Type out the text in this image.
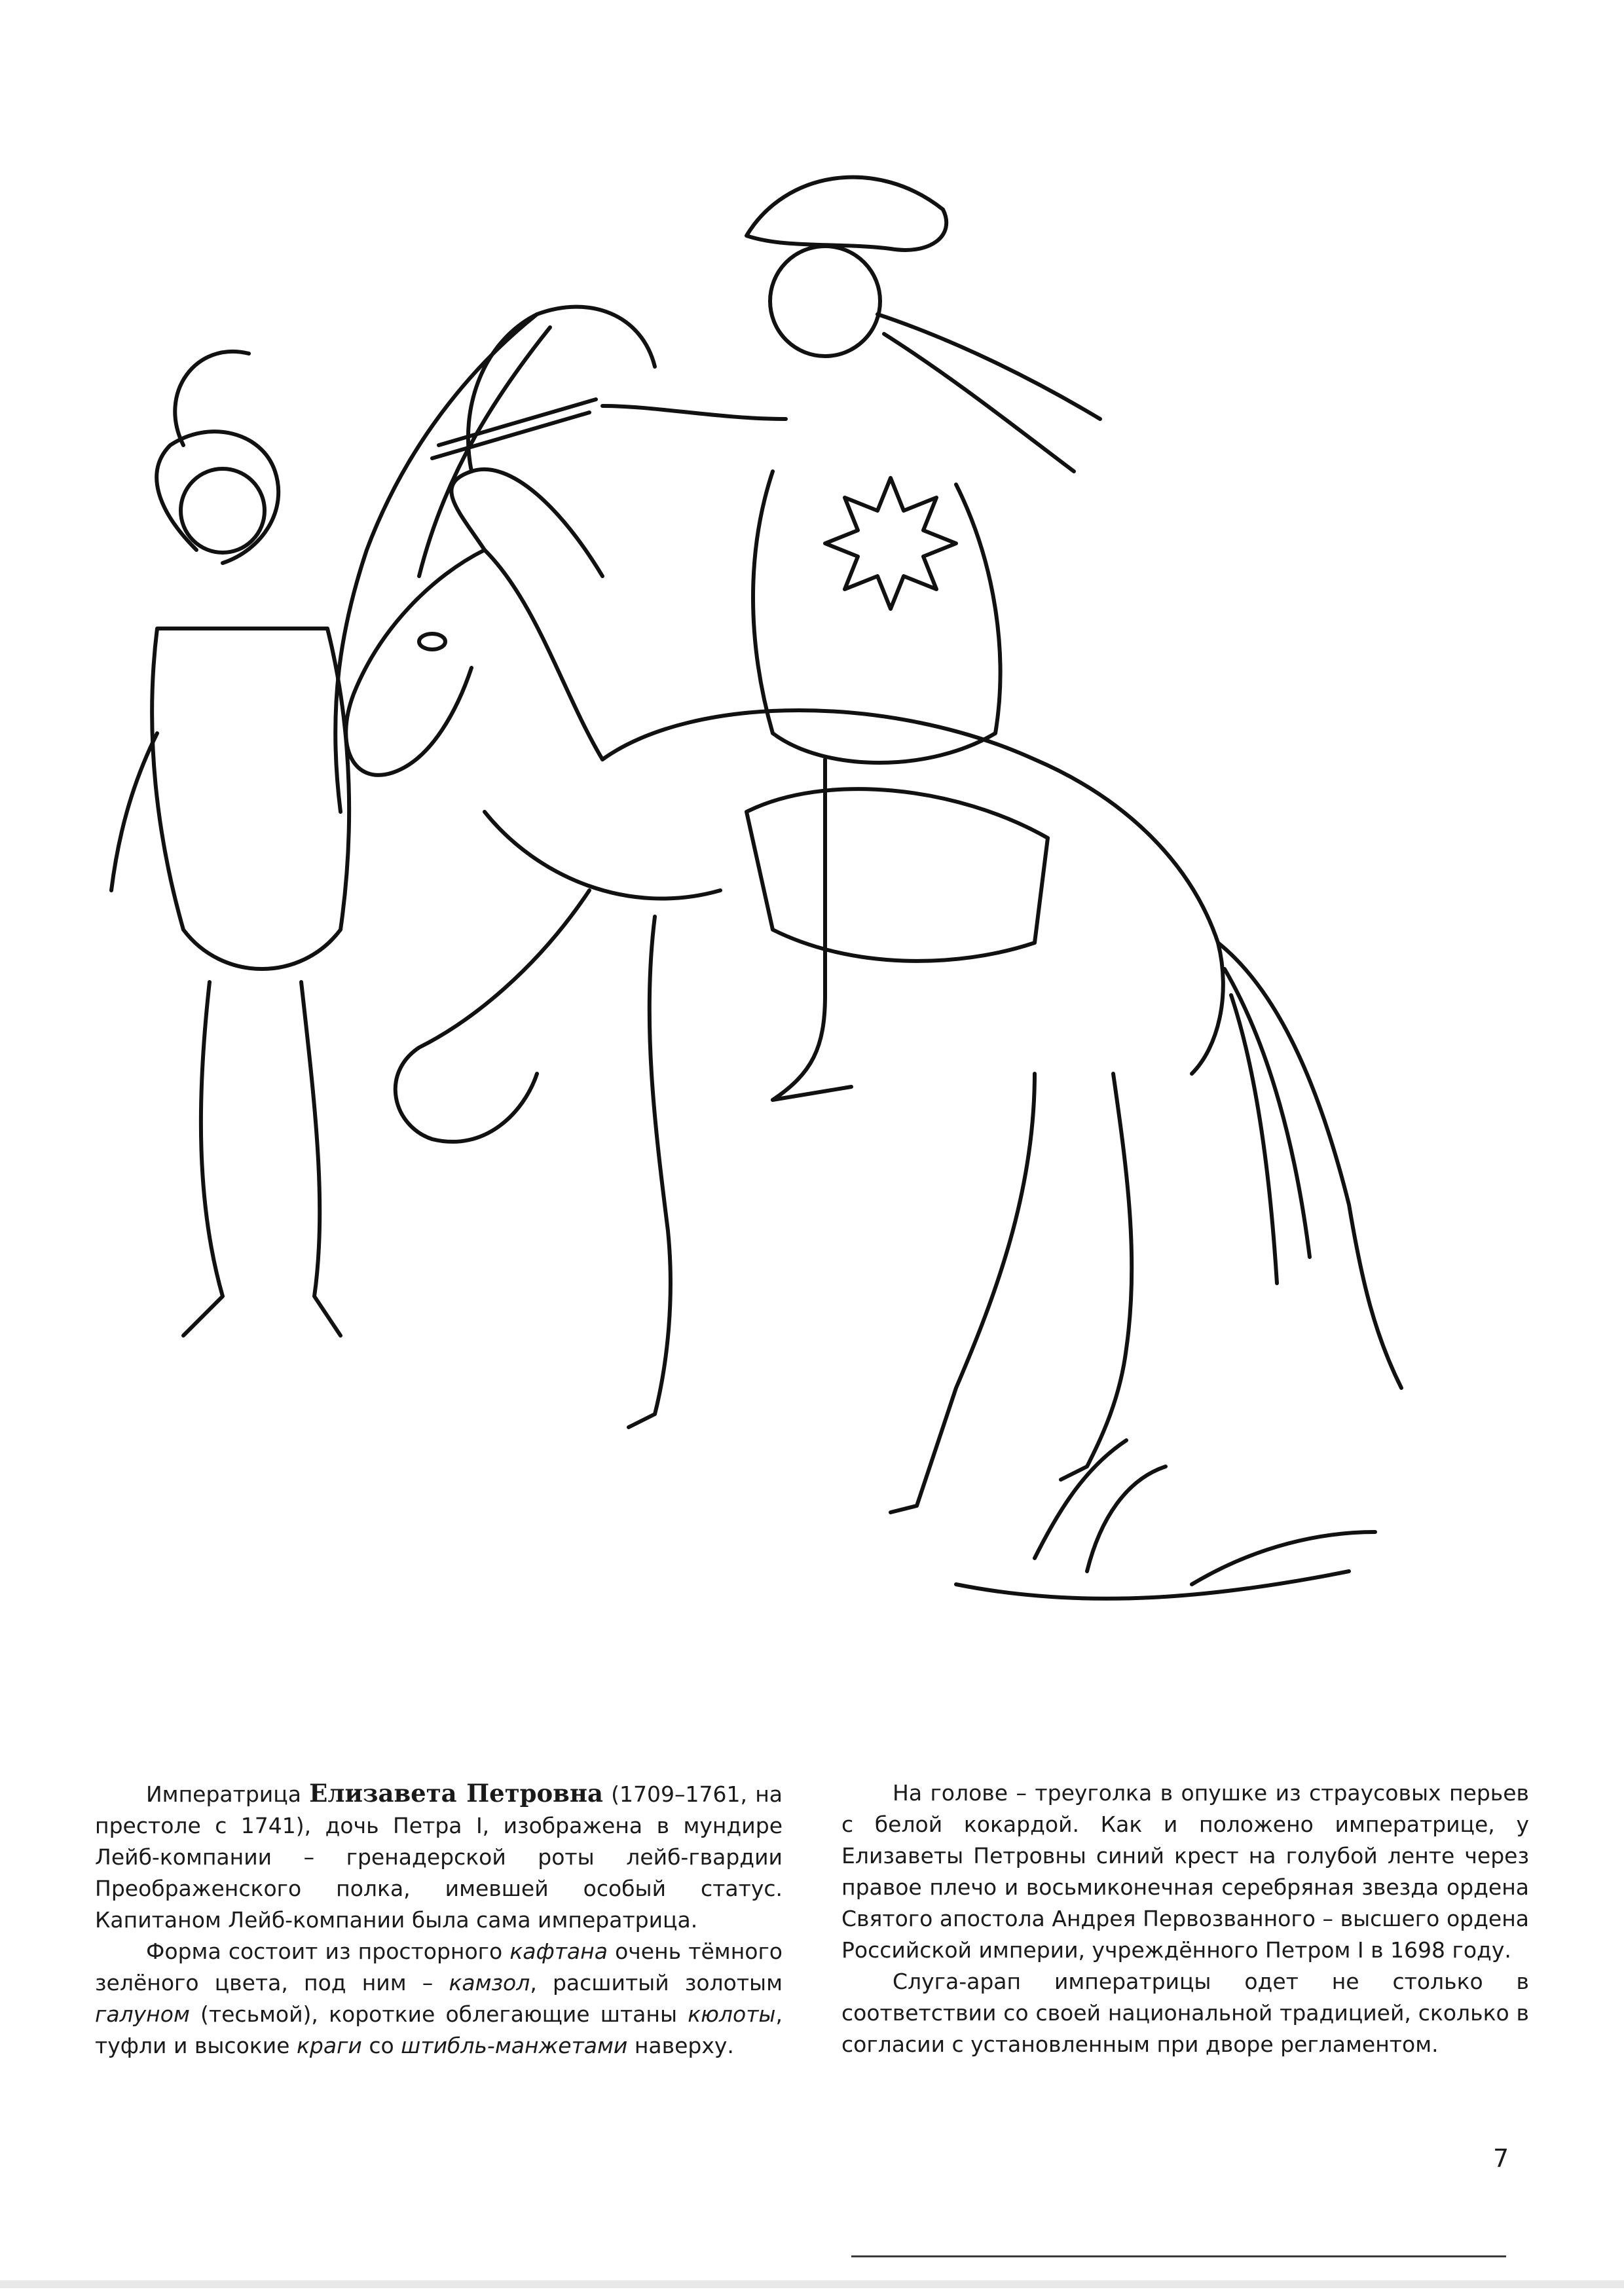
Императрица Елизавета Петровна (1709–1761, на престоле с 1741), дочь Петра I, изображена в мундире Лейб-компании – гренадерской роты лейб-гвардии Преображенского полка, имевшей особый статус. Капитаном Лейб-компании была сама императрица.

Форма состоит из просторного кафтана очень тёмного зелёного цвета, под ним – камзол, расшитый золотым галуном (тесьмой), короткие облегающие штаны кюлоты, туфли и высокие краги со штибль-манжетами наверху.

На голове – треуголка в опушке из страусовых перьев с белой кокардой. Как и положено императрице, у Елизаветы Петровны синий крест на голубой ленте через правое плечо и восьмиконечная серебряная звезда ордена Святого апостола Андрея Первозванного – высшего ордена Российской империи, учреждённого Петром I в 1698 году.

Слуга-арап императрицы одет не столько в соответствии со своей национальной традицией, сколько в согласии с установленным при дворе регламентом.

7
